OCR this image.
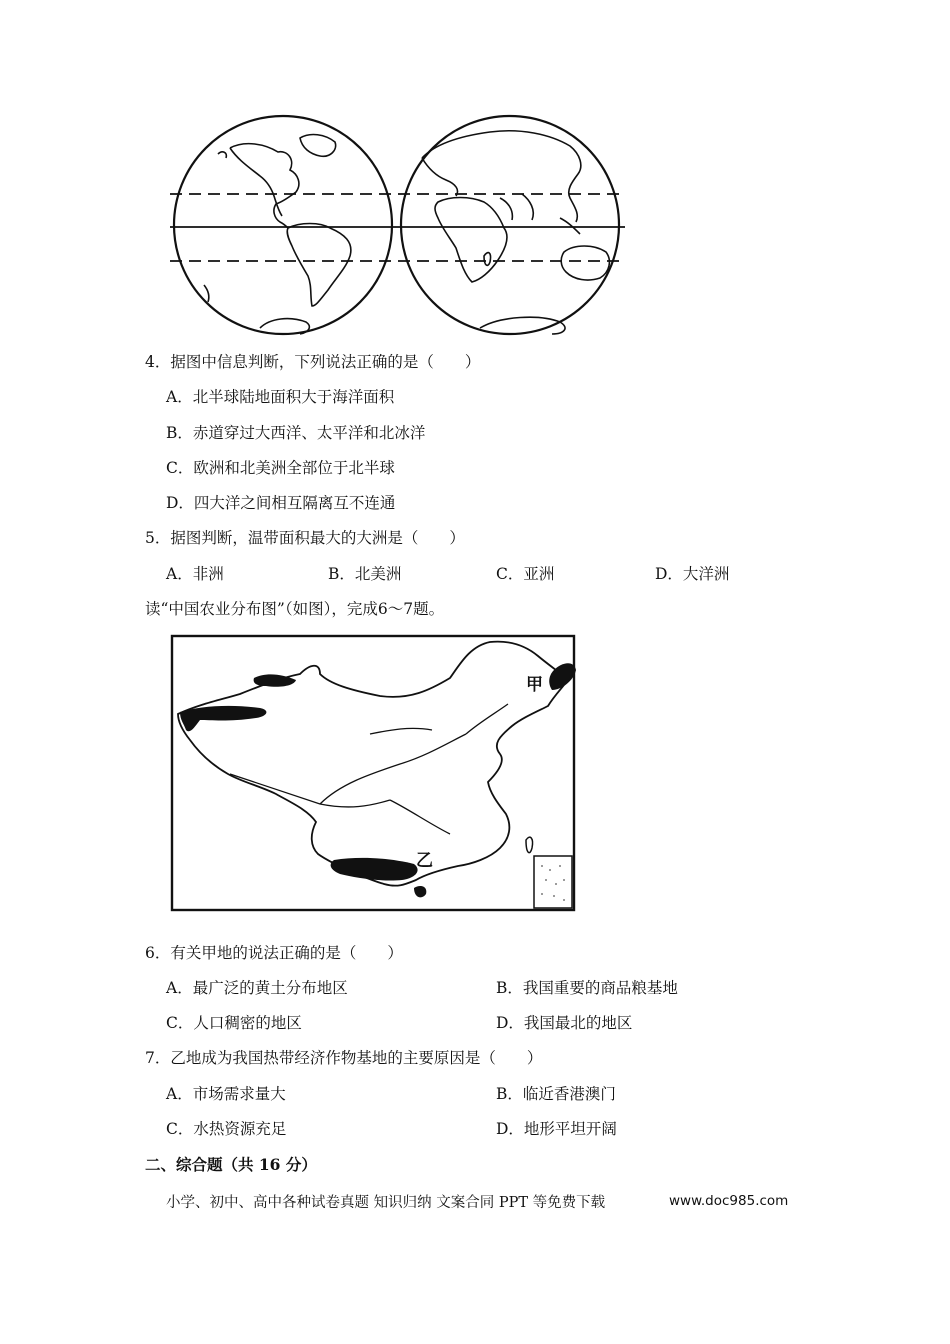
4．据图中信息判断，下列说法正确的是（　　）
A．北半球陆地面积大于海洋面积
B．赤道穿过大西洋、太平洋和北冰洋
C．欧洲和北美洲全部位于北半球
D．四大洋之间相互隔离互不连通
5．据图判断，温带面积最大的大洲是（　　）
A．非洲	B．北美洲	C．亚洲	D．大洋洲
读“中国农业分布图”（如图），完成6～7题。
甲
乙
6．有关甲地的说法正确的是（　　）
A．最广泛的黄土分布地区	B．我国重要的商品粮基地
C．人口稠密的地区	D．我国最北的地区
7．乙地成为我国热带经济作物基地的主要原因是（　　）
A．市场需求量大	B．临近香港澳门
C．水热资源充足	D．地形平坦开阔
二、综合题（共 16 分）
小学、初中、高中各种试卷真题 知识归纳 文案合同 PPT 等免费下载	www.doc985.com
